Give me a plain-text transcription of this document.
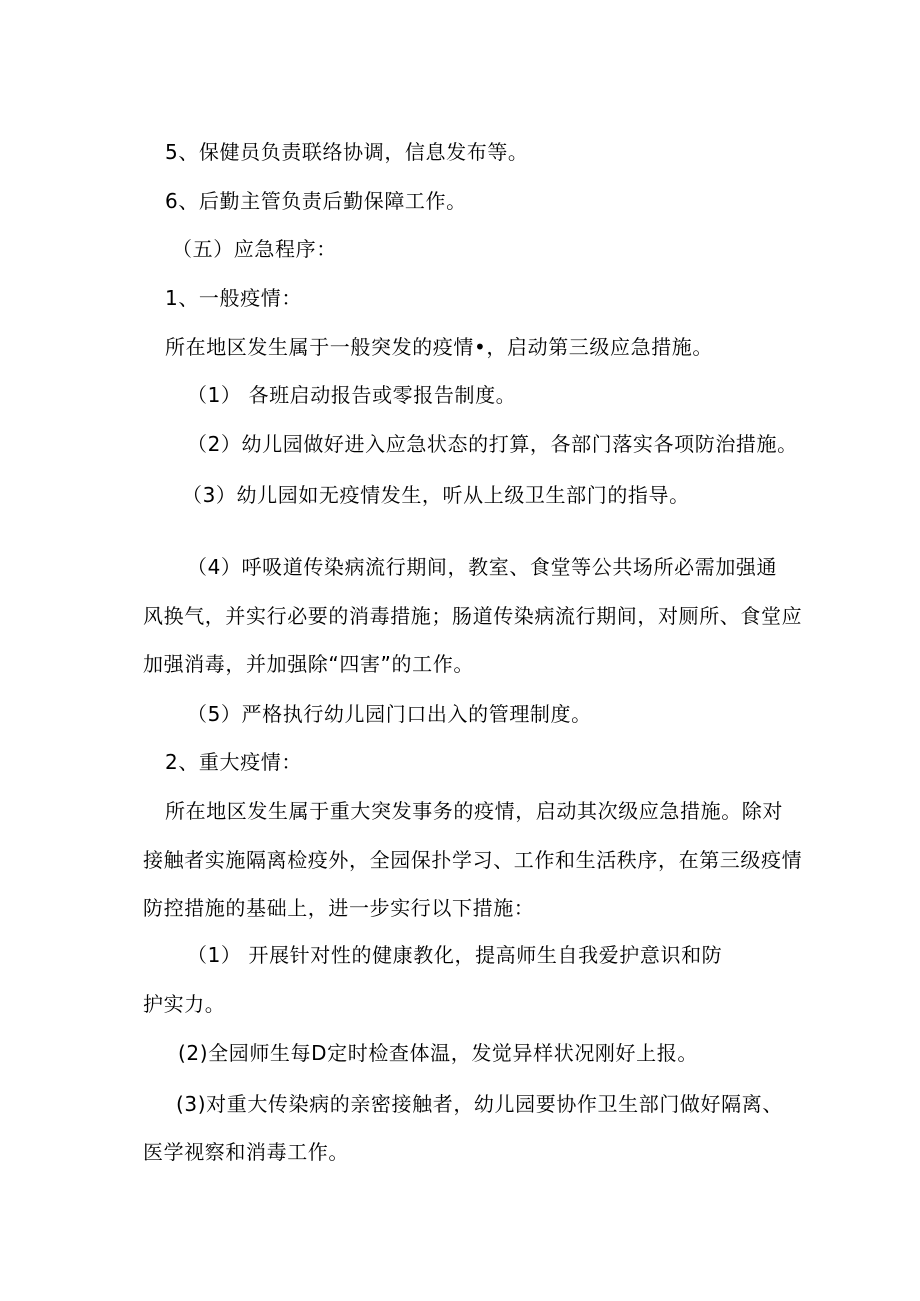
5、保健员负责联络协调，信息发布等。

6、后勤主管负责后勤保障工作。

（五）应急程序：

1、一般疫情：

所在地区发生属于一般突发的疫情•，启动第三级应急措施。

（1） 各班启动报告或零报告制度。

（2）幼儿园做好进入应急状态的打算，各部门落实各项防治措施。

（3）幼儿园如无疫情发生，听从上级卫生部门的指导。

（4）呼吸道传染病流行期间，教室、食堂等公共场所必需加强通

风换气，并实行必要的消毒措施；肠道传染病流行期间，对厕所、食堂应

加强消毒，并加强除“四害”的工作。

（5）严格执行幼儿园门口出入的管理制度。

2、重大疫情：

所在地区发生属于重大突发事务的疫情，启动其次级应急措施。除对

接触者实施隔离检疫外，全园保扑学习、工作和生活秩序，在第三级疫情

防控措施的基础上，进一步实行以下措施：

（1） 开展针对性的健康教化，提高师生自我爱护意识和防

护实力。

(2)全园师生每D定时检查体温，发觉异样状况刚好上报。

(3)对重大传染病的亲密接触者，幼儿园要协作卫生部门做好隔离、

医学视察和消毒工作。
